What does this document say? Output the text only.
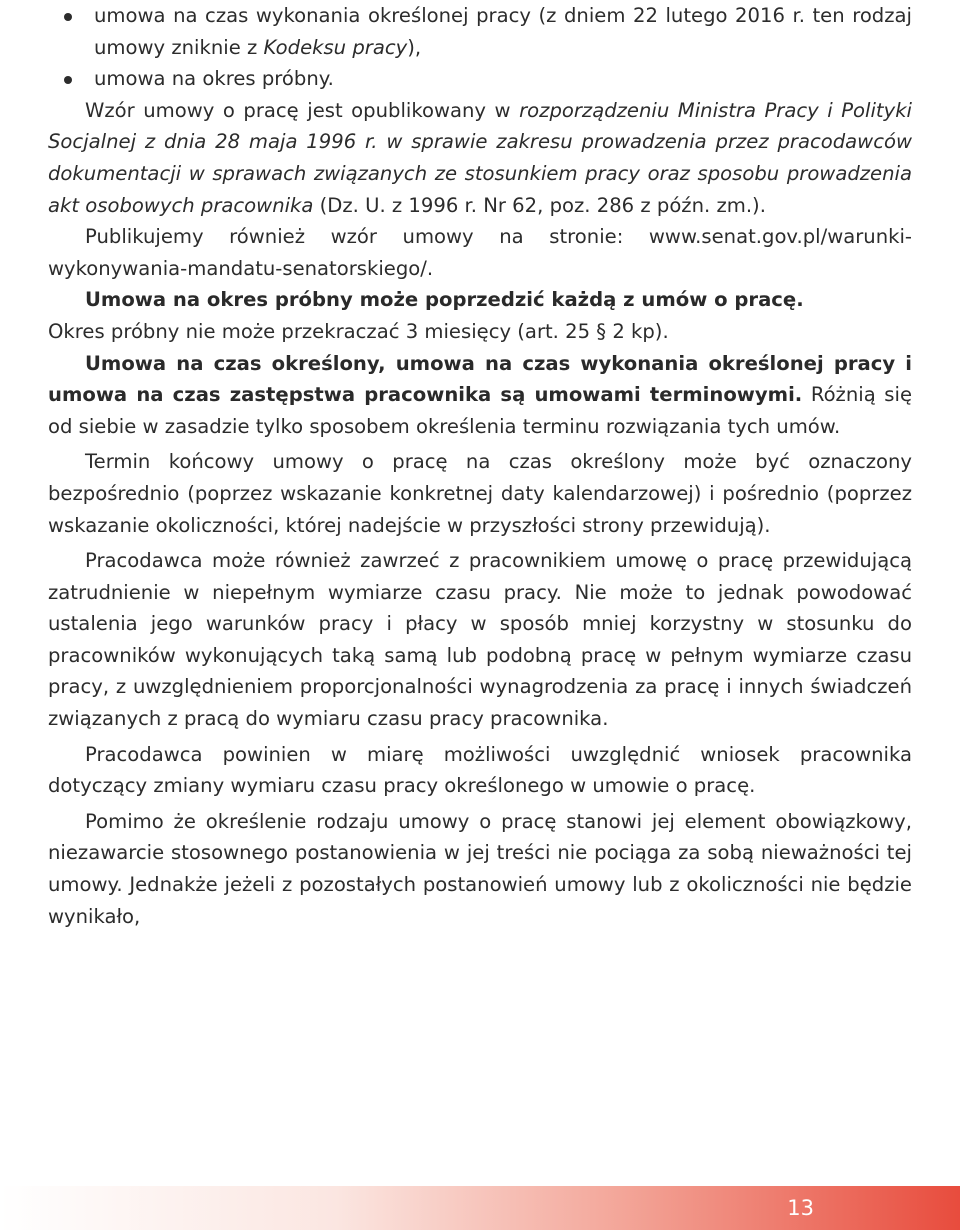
umowa na czas wykonania określonej pracy (z dniem 22 lutego 2016 r. ten rodzaj umowy zniknie z Kodeksu pracy),
umowa na okres próbny.

Wzór umowy o pracę jest opublikowany w rozporządzeniu Ministra Pracy i Polityki Socjalnej z dnia 28 maja 1996 r. w sprawie zakresu prowadzenia przez pracodawców dokumentacji w sprawach związanych ze stosunkiem pracy oraz sposobu prowadzenia akt osobowych pracownika (Dz. U. z 1996 r. Nr 62, poz. 286 z późn. zm.).

Publikujemy również wzór umowy na stronie: www.senat.gov.pl/warunki-wykonywania-mandatu-senatorskiego/.

Umowa na okres próbny może poprzedzić każdą z umów o pracę.
Okres próbny nie może przekraczać 3 miesięcy (art. 25 § 2 kp).

Umowa na czas określony, umowa na czas wykonania określonej pracy i umowa na czas zastępstwa pracownika są umowami terminowymi. Różnią się od siebie w zasadzie tylko sposobem określenia terminu rozwiązania tych umów.

Termin końcowy umowy o pracę na czas określony może być oznaczony bezpośrednio (poprzez wskazanie konkretnej daty kalendarzowej) i pośrednio (poprzez wskazanie okoliczności, której nadejście w przyszłości strony przewidują).

Pracodawca może również zawrzeć z pracownikiem umowę o pracę przewidującą zatrudnienie w niepełnym wymiarze czasu pracy. Nie może to jednak powodować ustalenia jego warunków pracy i płacy w sposób mniej korzystny w stosunku do pracowników wykonujących taką samą lub podobną pracę w pełnym wymiarze czasu pracy, z uwzględnieniem proporcjonalności wynagrodzenia za pracę i innych świadczeń związanych z pracą do wymiaru czasu pracy pracownika.

Pracodawca powinien w miarę możliwości uwzględnić wniosek pracownika dotyczący zmiany wymiaru czasu pracy określonego w umowie o pracę.

Pomimo że określenie rodzaju umowy o pracę stanowi jej element obowiązkowy, niezawarcie stosownego postanowienia w jej treści nie pociąga za sobą nieważności tej umowy. Jednakże jeżeli z pozostałych postanowień umowy lub z okoliczności nie będzie wynikało,

13
